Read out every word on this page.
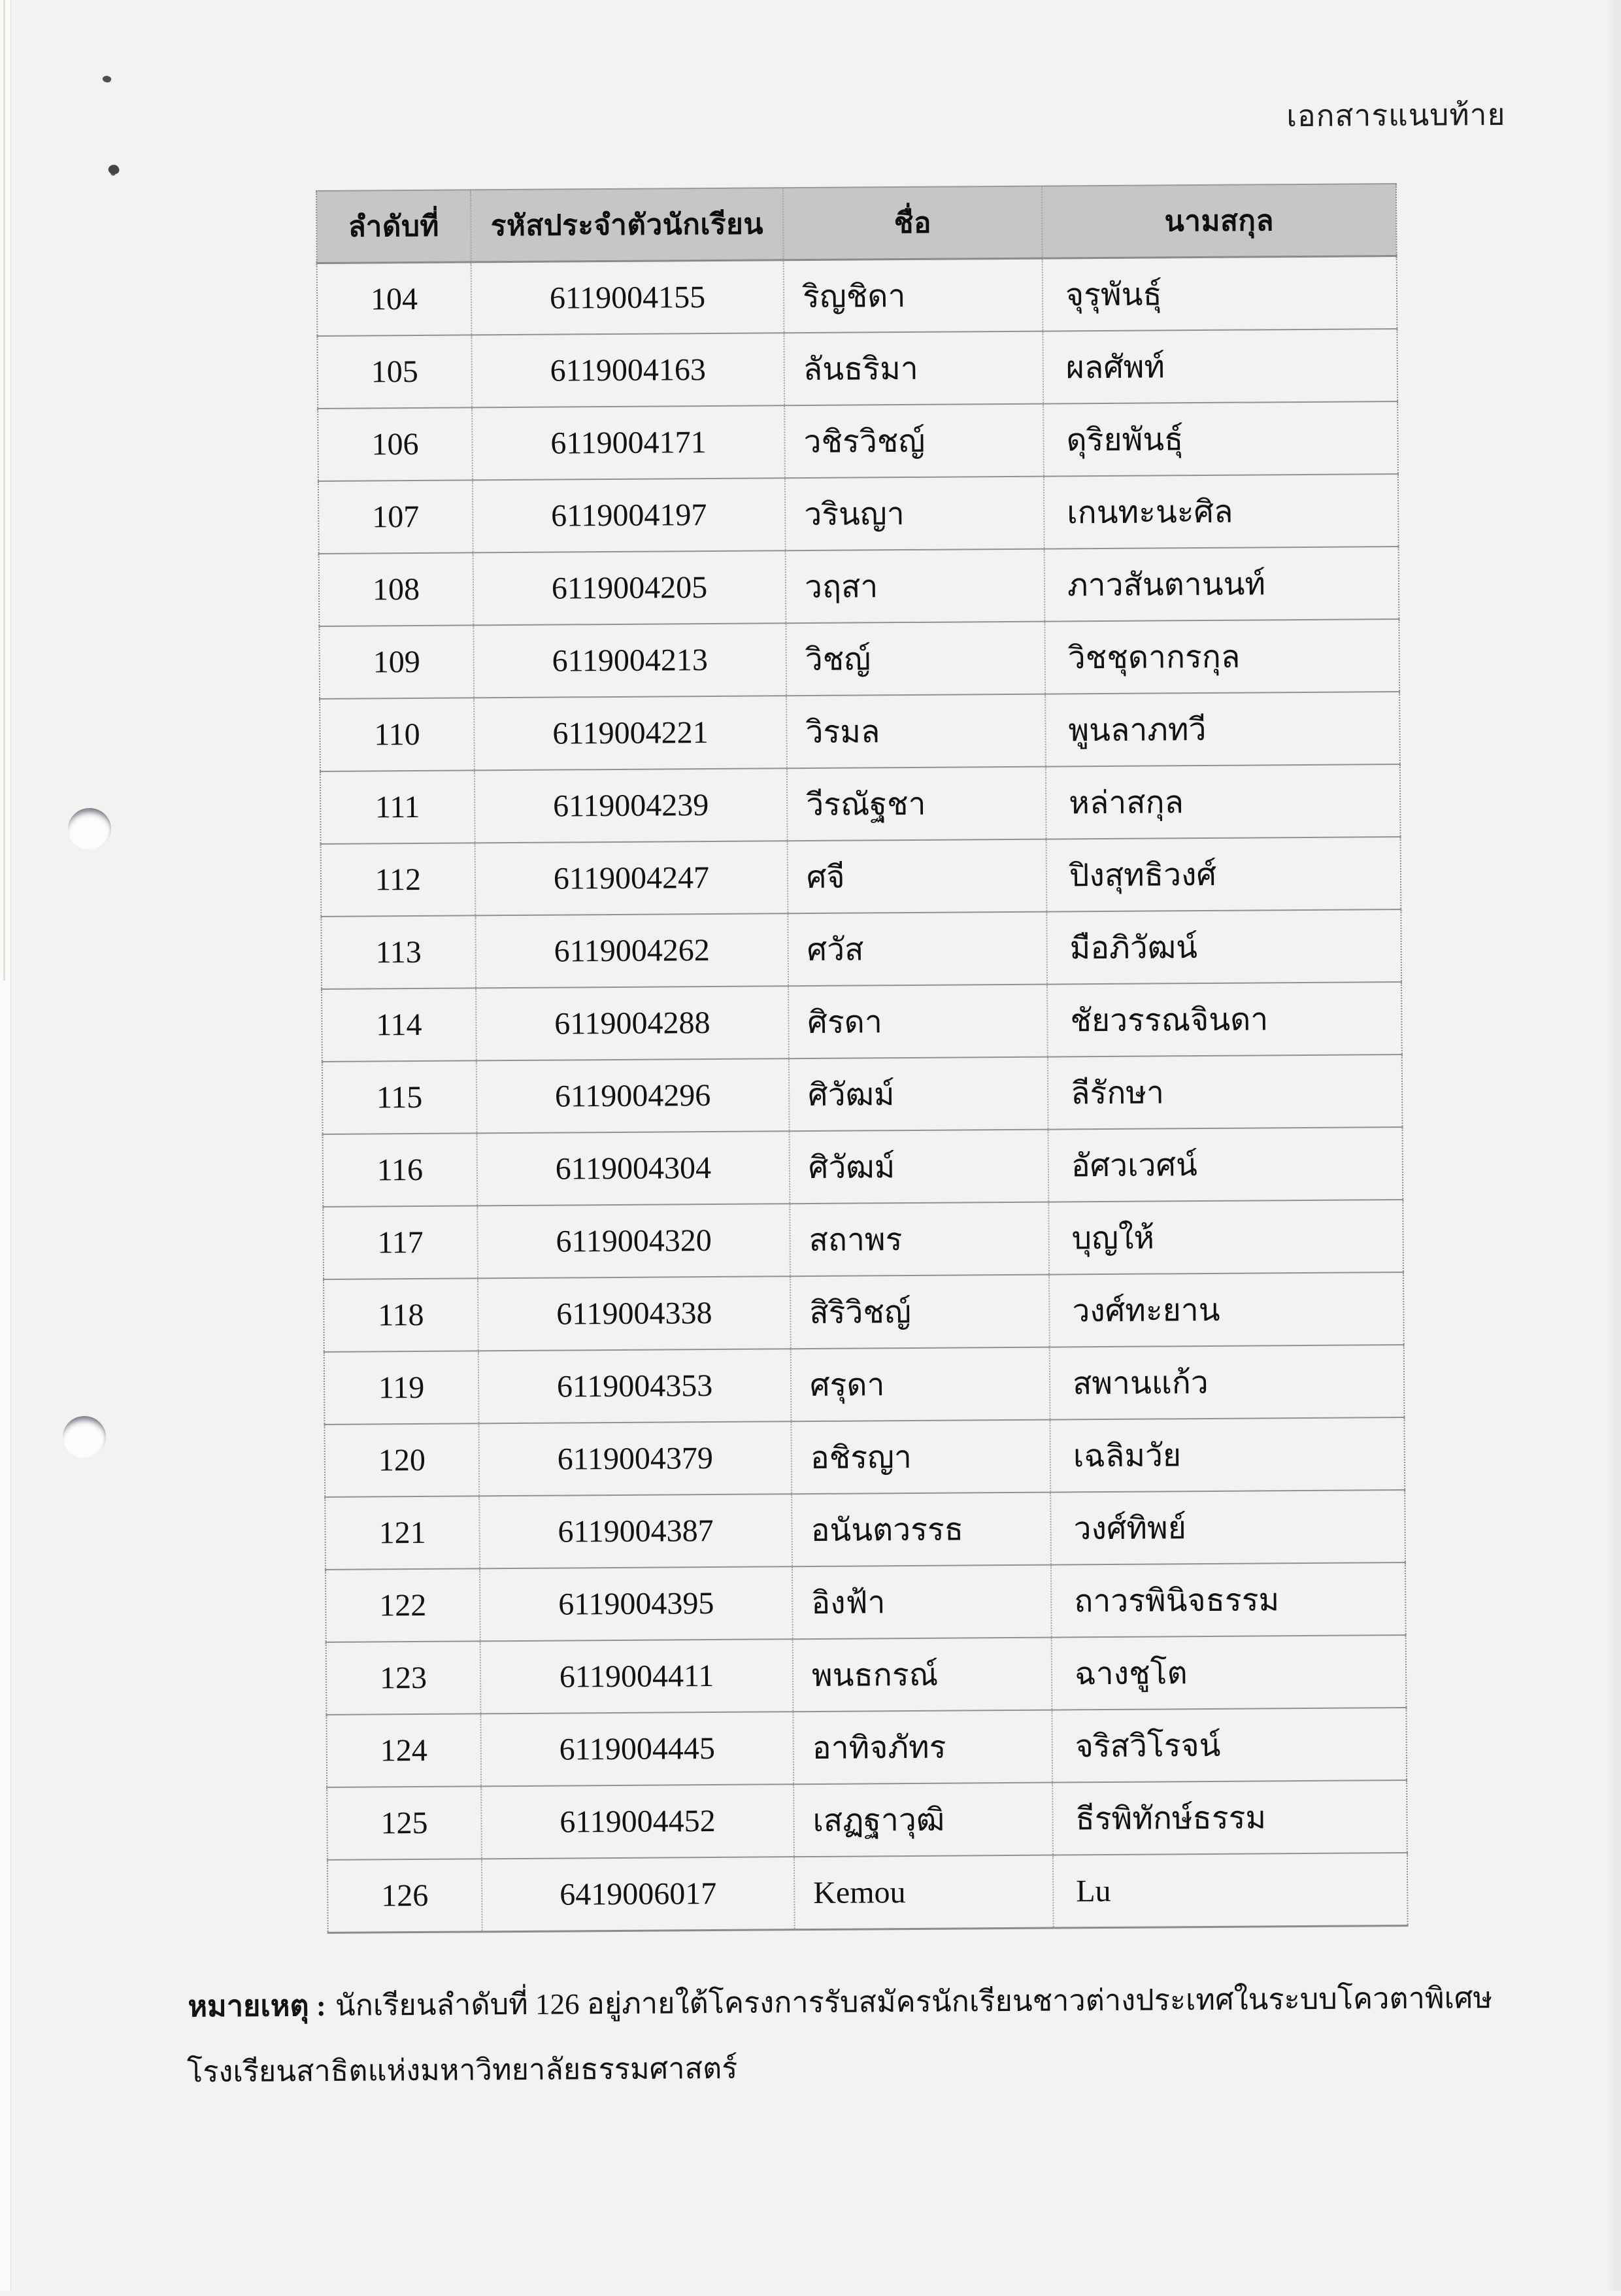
เอกสารแนบท้าย
ลำดับที่	รหัสประจำตัวนักเรียน	ชื่อ	นามสกุล
104	6119004155	ริญชิดา	จุรุพันธุ์
105	6119004163	ลันธริมา	ผลศัพท์
106	6119004171	วชิรวิชญ์	ดุริยพันธุ์
107	6119004197	วรินญา	เกนทะนะศิล
108	6119004205	วฤสา	ภาวสันตานนท์
109	6119004213	วิชญ์	วิชชุดากรกุล
110	6119004221	วิรมล	พูนลาภทวี
111	6119004239	วีรณัฐชา	หล่าสกุล
112	6119004247	ศจี	ปิงสุทธิวงศ์
113	6119004262	ศวัส	มือภิวัฒน์
114	6119004288	ศิรดา	ชัยวรรณจินดา
115	6119004296	ศิวัฒม์	ลีรักษา
116	6119004304	ศิวัฒม์	อัศวเวศน์
117	6119004320	สถาพร	บุญให้
118	6119004338	สิริวิชญ์	วงศ์ทะยาน
119	6119004353	ศรุดา	สพานแก้ว
120	6119004379	อชิรญา	เฉลิมวัย
121	6119004387	อนันตวรรธ	วงศ์ทิพย์
122	6119004395	อิงฟ้า	ถาวรพินิจธรรม
123	6119004411	พนธกรณ์	ฉางชูโต
124	6119004445	อาทิจภัทร	จริสวิโรจน์
125	6119004452	เสฏฐาวุฒิ	ธีรพิทักษ์ธรรม
126	6419006017	Kemou	Lu
หมายเหตุ : นักเรียนลำดับที่ 126 อยู่ภายใต้โครงการรับสมัครนักเรียนชาวต่างประเทศในระบบโควตาพิเศษ
โรงเรียนสาธิตแห่งมหาวิทยาลัยธรรมศาสตร์
